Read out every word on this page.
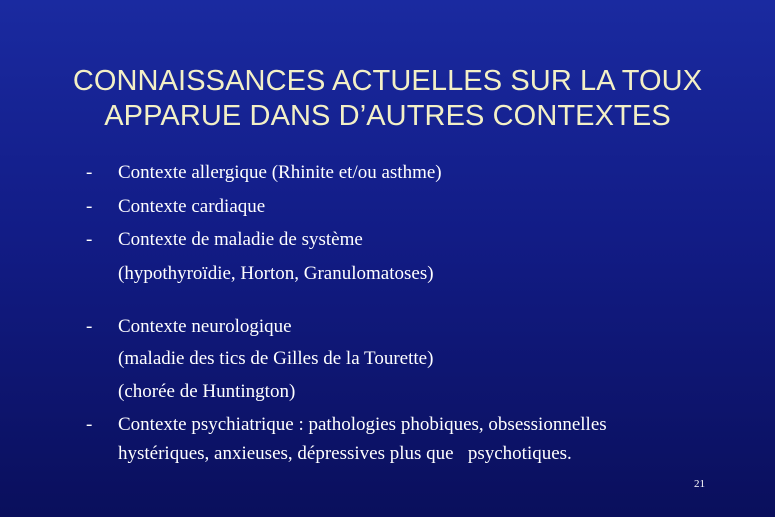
CONNAISSANCES ACTUELLES SUR LA TOUX
APPARUE DANS D’AUTRES CONTEXTES
-	Contexte allergique (Rhinite et/ou asthme)
-	Contexte cardiaque
-	Contexte de maladie de système
(hypothyroïdie, Horton, Granulomatoses)
-	Contexte neurologique
(maladie des tics de Gilles de la Tourette)
(chorée de Huntington)
-	Contexte psychiatrique : pathologies phobiques, obsessionnelles
hystériques, anxieuses, dépressives plus que   psychotiques.
21
